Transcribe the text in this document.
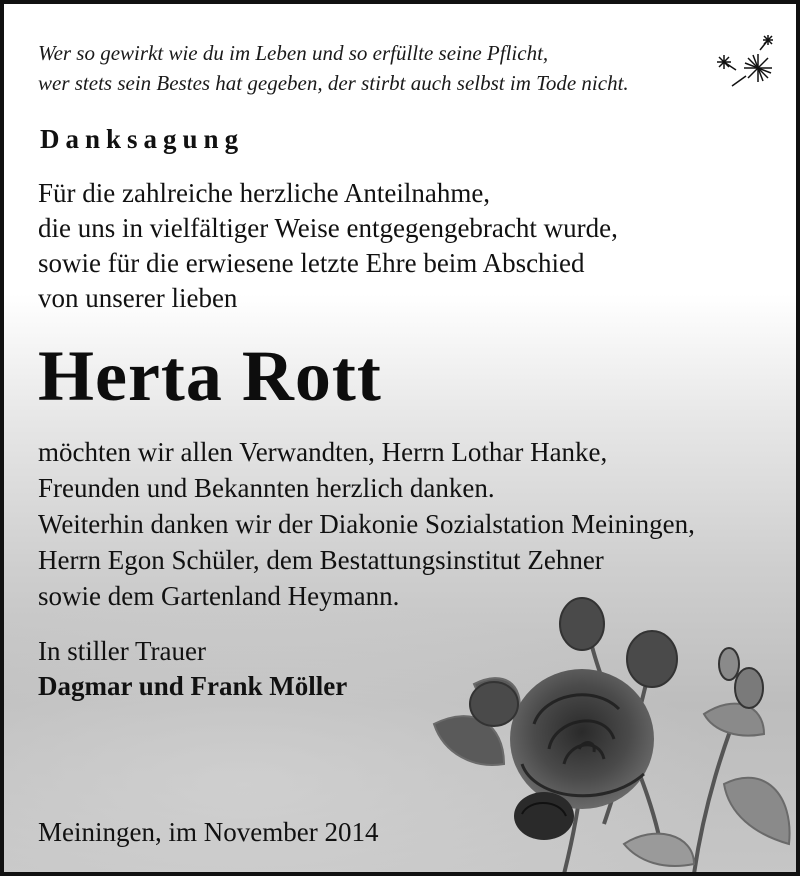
Wer so gewirkt wie du im Leben und so erfüllte seine Pflicht,
wer stets sein Bestes hat gegeben, der stirbt auch selbst im Tode nicht.
Danksagung
Für die zahlreiche herzliche Anteilnahme,
die uns in vielfältiger Weise entgegengebracht wurde,
sowie für die erwiesene letzte Ehre beim Abschied
von unserer lieben
Herta Rott
möchten wir allen Verwandten, Herrn Lothar Hanke,
Freunden und Bekannten herzlich danken.
Weiterhin danken wir der Diakonie Sozialstation Meiningen,
Herrn Egon Schüler, dem Bestattungsinstitut Zehner
sowie dem Gartenland Heymann.
In stiller Trauer
Dagmar und Frank Möller
Meiningen, im November 2014
